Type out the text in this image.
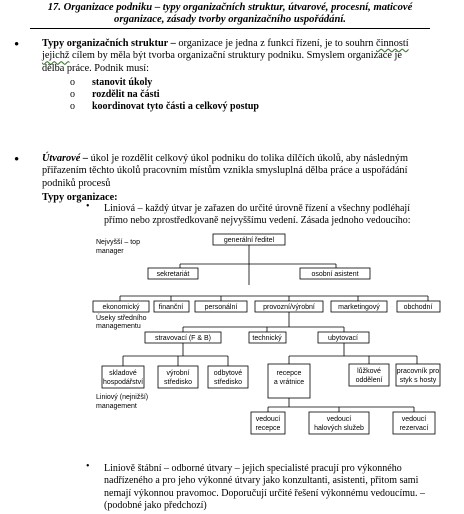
17. Organizace podniku – typy organizačních struktur, útvarové, procesní, maticové organizace, zásady tvorby organizačního uspořádání.
• Typy organizačních struktur – organizace je jedna z funkcí řízení, je to souhrn činností jejichž cílem by měla být tvorba organizační struktury podniku. Smyslem organizace je dělba práce. Podnik musí:

o stanovit úkoly
o rozdělit na části
o koordinovat tyto části a celkový postup
• Útvarové – úkol je rozdělit celkový úkol podniku do tolika dílčích úkolů, aby následným přiřazením těchto úkolů pracovním místům vznikla smysluplná dělba práce a uspořádání podniků procesů

Typy organizace:
• Liniová – každý útvar je zařazen do určité úrovně řízení a všechny podléhají přímo nebo zprostředkovaně nejvyššímu vedení. Zásada jednoho vedoucího:

Nejvyšší – top
manager
Úseky středního
managementu
Liniový (nejnižší)
management
generální ředitel
sekretariát	osobní asistent
ekonomický	finanční	personální	provozní/výrobní	marketingový	obchodní
stravovací (F & B)	technický	ubytovací
skladové
hospodářství
výrobní
středisko
odbytové
středisko
recepce
a vrátnice
lůžkové
oddělení
pracovník pro
styk s hosty
vedoucí
recepce
vedoucí
halových služeb
vedoucí
rezervací
• Liniově štábní – odborné útvary – jejich specialisté pracují pro výkonného nadřízeného a pro jeho výkonné útvary jako konzultanti, asistenti, přitom sami nemají výkonnou pravomoc. Doporučují určité řešení výkonnému vedoucímu. – (podobné jako předchozí)
